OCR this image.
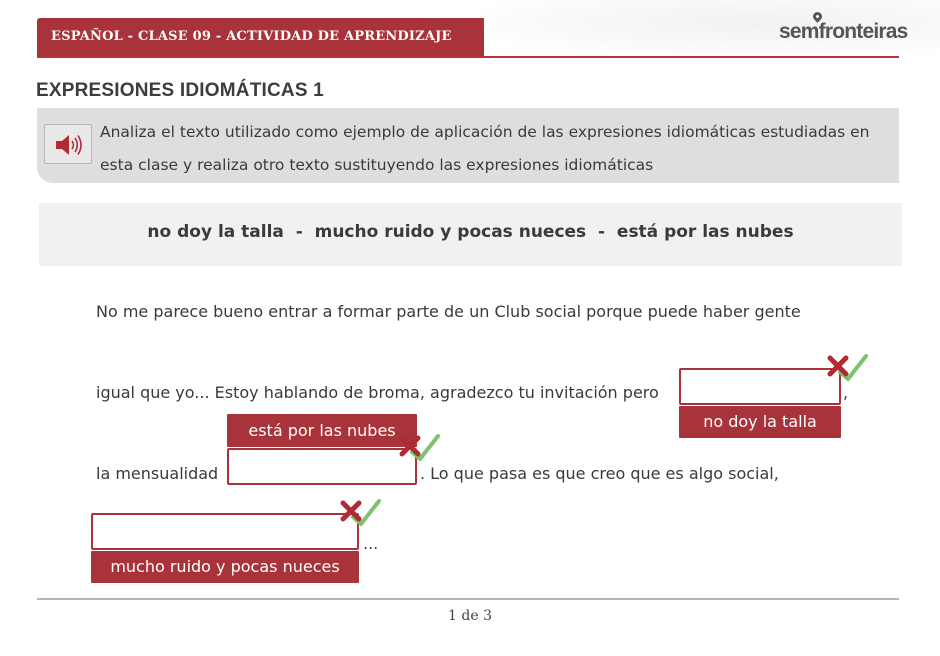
ESPAÑOL - CLASE 09 - ACTIVIDAD DE APRENDIZAJE	semfronteiras
EXPRESIONES IDIOMÁTICAS 1
Analiza el texto utilizado como ejemplo de aplicación de las expresiones idiomáticas estudiadas en esta clase y realiza otro texto sustituyendo las expresiones idiomáticas
no doy la talla  -  mucho ruido y pocas nueces  -  está por las nubes
No me parece bueno entrar a formar parte de un Club social porque puede haber gente
igual que yo... Estoy hablando de broma, agradezco tu invitación pero	,
no doy la talla
está por las nubes
la mensualidad	. Lo que pasa es que creo que es algo social,
...
mucho ruido y pocas nueces
1 de 3
